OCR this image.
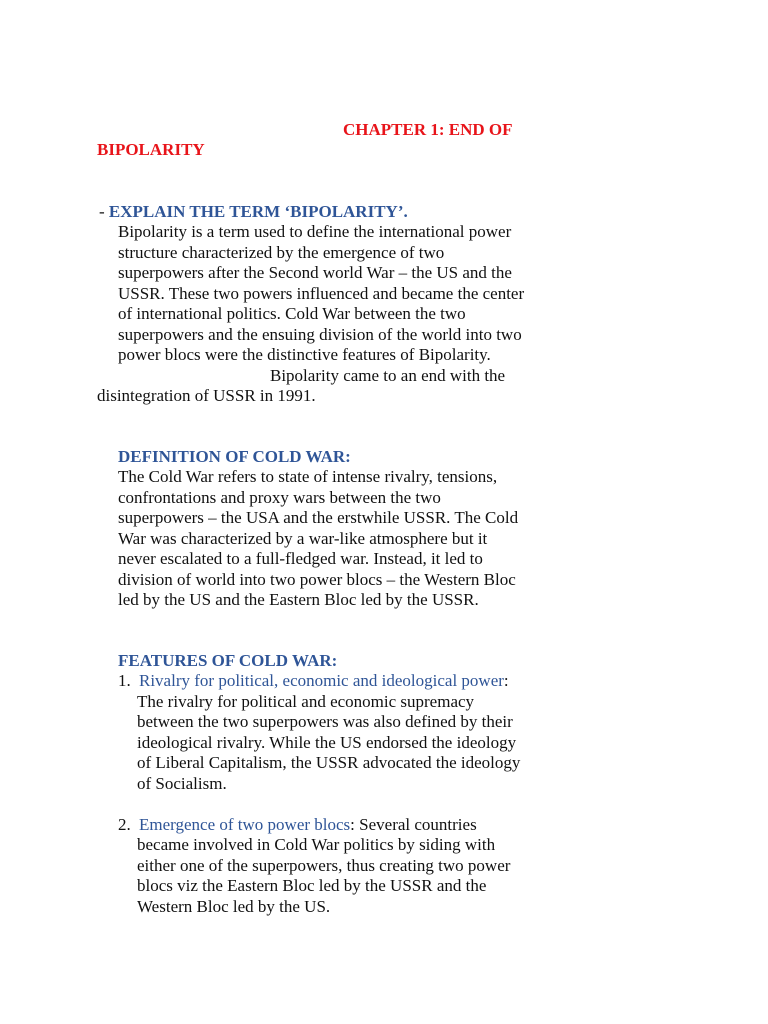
CHAPTER 1: END OF
BIPOLARITY
- EXPLAIN THE TERM ‘BIPOLARITY’.
Bipolarity is a term used to define the international power
structure characterized by the emergence of two
superpowers after the Second world War – the US and the
USSR. These two powers influenced and became the center
of international politics. Cold War between the two
superpowers and the ensuing division of the world into two
power blocs were the distinctive features of Bipolarity.
Bipolarity came to an end with the
disintegration of USSR in 1991.
DEFINITION OF COLD WAR:
The Cold War refers to state of intense rivalry, tensions,
confrontations and proxy wars between the two
superpowers – the USA and the erstwhile USSR. The Cold
War was characterized by a war-like atmosphere but it
never escalated to a full-fledged war. Instead, it led to
division of world into two power blocs – the Western Bloc
led by the US and the Eastern Bloc led by the USSR.
FEATURES OF COLD WAR:
1. Rivalry for political, economic and ideological power:
The rivalry for political and economic supremacy
between the two superpowers was also defined by their
ideological rivalry. While the US endorsed the ideology
of Liberal Capitalism, the USSR advocated the ideology
of Socialism.
2. Emergence of two power blocs: Several countries
became involved in Cold War politics by siding with
either one of the superpowers, thus creating two power
blocs viz the Eastern Bloc led by the USSR and the
Western Bloc led by the US.
